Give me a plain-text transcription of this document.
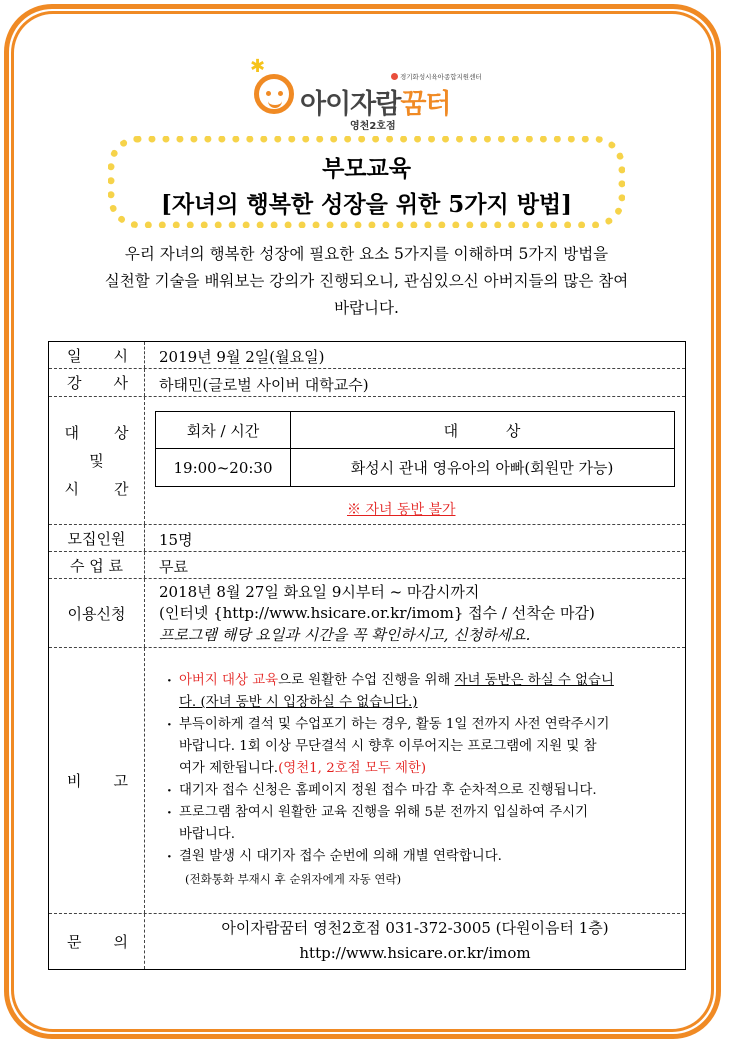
✱	경기화성시육아종합지원센터
아이자람꿈터
영천2호점
부모교육
[자녀의 행복한 성장을 위한 5가지 방법]
우리 자녀의 행복한 성장에 필요한 요소 5가지를 이해하며 5가지 방법을
실천할 기술을 배워보는 강의가 진행되오니, 관심있으신 아버지들의 많은 참여
바랍니다.
일 시 2019년 9월 2일(월요일)
강 사 하태민(글로벌 사이버 대학교수)
대 상
및
시 간
회차 / 시간	대          상
19:00~20:30	화성시 관내 영유아의 아빠(회원만 가능)
※ 자녀 동반 불가
모집인원	15명
수 업 료	무료
이용신청
2018년 8월 27일 화요일 9시부터 ~ 마감시까지
(인터넷 {http://www.hsicare.or.kr/imom} 접수 / 선착순 마감)
프로그램 해당 요일과 시간을 꼭 확인하시고, 신청하세요.
비 고
· 아버지 대상 교육으로 원활한 수업 진행을 위해 자녀 동반은 하실 수 없습니
다. (자녀 동반 시 입장하실 수 없습니다.)
· 부득이하게 결석 및 수업포기 하는 경우, 활동 1일 전까지 사전 연락주시기
바랍니다. 1회 이상 무단결석 시 향후 이루어지는 프로그램에 지원 및 참
여가 제한됩니다.(영천1, 2호점 모두 제한)
· 대기자 접수 신청은 홈페이지 정원 접수 마감 후 순차적으로 진행됩니다.
· 프로그램 참여시 원활한 교육 진행을 위해 5분 전까지 입실하여 주시기
바랍니다.
· 결원 발생 시 대기자 접수 순번에 의해 개별 연락합니다.
(전화통화 부재시 후 순위자에게 자동 연락)
문 의
아이자람꿈터 영천2호점 031-372-3005 (다원이음터 1층)
http://www.hsicare.or.kr/imom
